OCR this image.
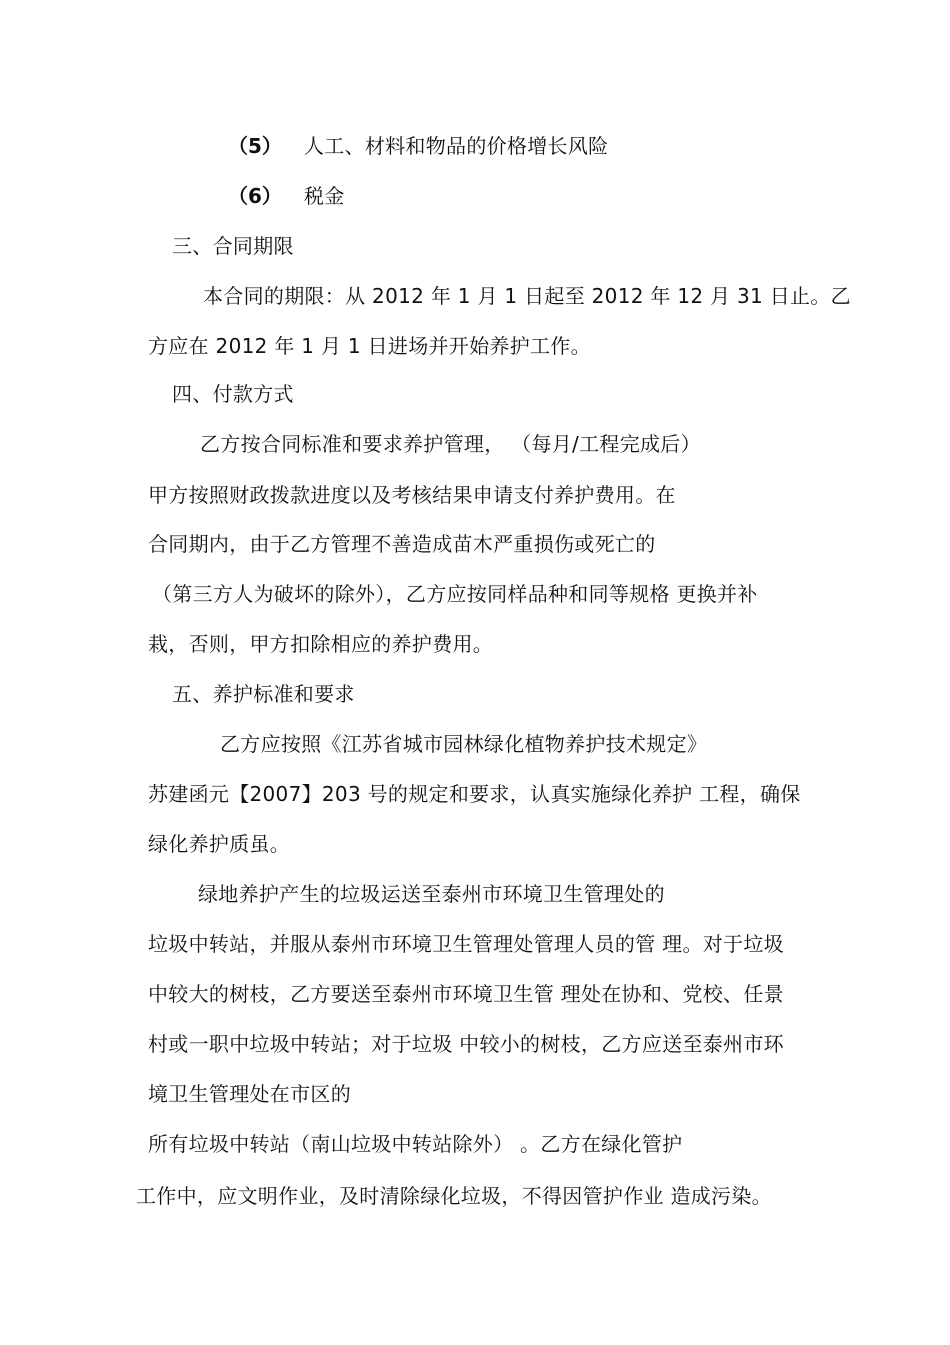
（5） 人工、材料和物品的价格增长风险
（6） 税金
三、合同期限
本合同的期限：从 2012 年 1 月 1 日起至 2012 年 12 月 31 日止。乙
方应在 2012 年 1 月 1 日进场并开始养护工作。
四、付款方式
乙方按合同标准和要求养护管理， （每月/工程完成后）
甲方按照财政拨款进度以及考核结果申请支付养护费用。在
合同期内，由于乙方管理不善造成苗木严重损伤或死亡的
（第三方人为破坏的除外），乙方应按同样品种和同等规格 更换并补
栽，否则，甲方扣除相应的养护费用。
五、养护标准和要求
乙方应按照《江苏省城市园林绿化植物养护技术规定》
苏建函元【2007】203 号的规定和要求，认真实施绿化养护 工程，确保
绿化养护质虽。
绿地养护产生的垃圾运送至泰州市环境卫生管理处的
垃圾中转站，并服从泰州市环境卫生管理处管理人员的管 理。对于垃圾
中较大的树枝，乙方要送至泰州市环境卫生管 理处在协和、党校、任景
村或一职中垃圾中转站；对于垃圾 中较小的树枝，乙方应送至泰州市环
境卫生管理处在市区的
所有垃圾中转站（南山垃圾中转站除外） 。乙方在绿化管护
工作中，应文明作业，及时清除绿化垃圾，不得因管护作业 造成污染。
